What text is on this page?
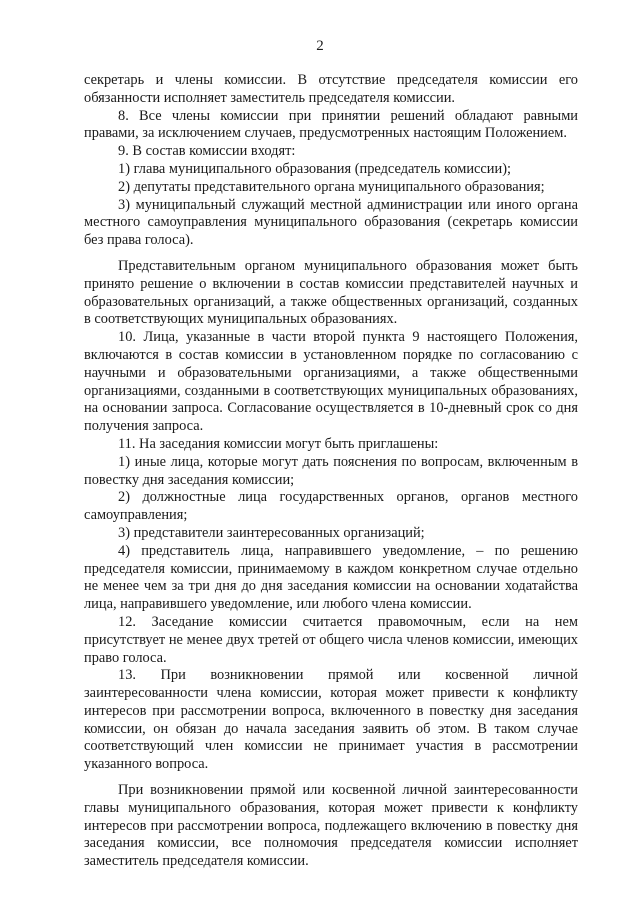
2

секретарь и члены комиссии. В отсутствие председателя комиссии его обязанности исполняет заместитель председателя комиссии.

8. Все члены комиссии при принятии решений обладают равными правами, за исключением случаев, предусмотренных настоящим Положением.

9. В состав комиссии входят:

1) глава муниципального образования (председатель комиссии);

2) депутаты представительного органа муниципального образования;

3) муниципальный служащий местной администрации или иного органа местного самоуправления муниципального образования (секретарь комиссии без права голоса).

Представительным органом муниципального образования может быть принято решение о включении в состав комиссии представителей научных и образовательных организаций, а также общественных организаций, созданных в соответствующих муниципальных образованиях.

10. Лица, указанные в части второй пункта 9 настоящего Положения, включаются в состав комиссии в установленном порядке по согласованию с научными и образовательными организациями, а также общественными организациями, созданными в соответствующих муниципальных образованиях, на основании запроса. Согласование осуществляется в 10-дневный срок со дня получения запроса.

11. На заседания комиссии могут быть приглашены:

1) иные лица, которые могут дать пояснения по вопросам, включенным в повестку дня заседания комиссии;

2) должностные лица государственных органов, органов местного самоуправления;

3) представители заинтересованных организаций;

4) представитель лица, направившего уведомление, – по решению председателя комиссии, принимаемому в каждом конкретном случае отдельно не менее чем за три дня до дня заседания комиссии на основании ходатайства лица, направившего уведомление, или любого члена комиссии.

12. Заседание комиссии считается правомочным, если на нем присутствует не менее двух третей от общего числа членов комиссии, имеющих право голоса.

13. При возникновении прямой или косвенной личной заинтересованности члена комиссии, которая может привести к конфликту интересов при рассмотрении вопроса, включенного в повестку дня заседания комиссии, он обязан до начала заседания заявить об этом. В таком случае соответствующий член комиссии не принимает участия в рассмотрении указанного вопроса.

При возникновении прямой или косвенной личной заинтересованности главы муниципального образования, которая может привести к конфликту интересов при рассмотрении вопроса, подлежащего включению в повестку дня заседания комиссии, все полномочия председателя комиссии исполняет заместитель председателя комиссии.
